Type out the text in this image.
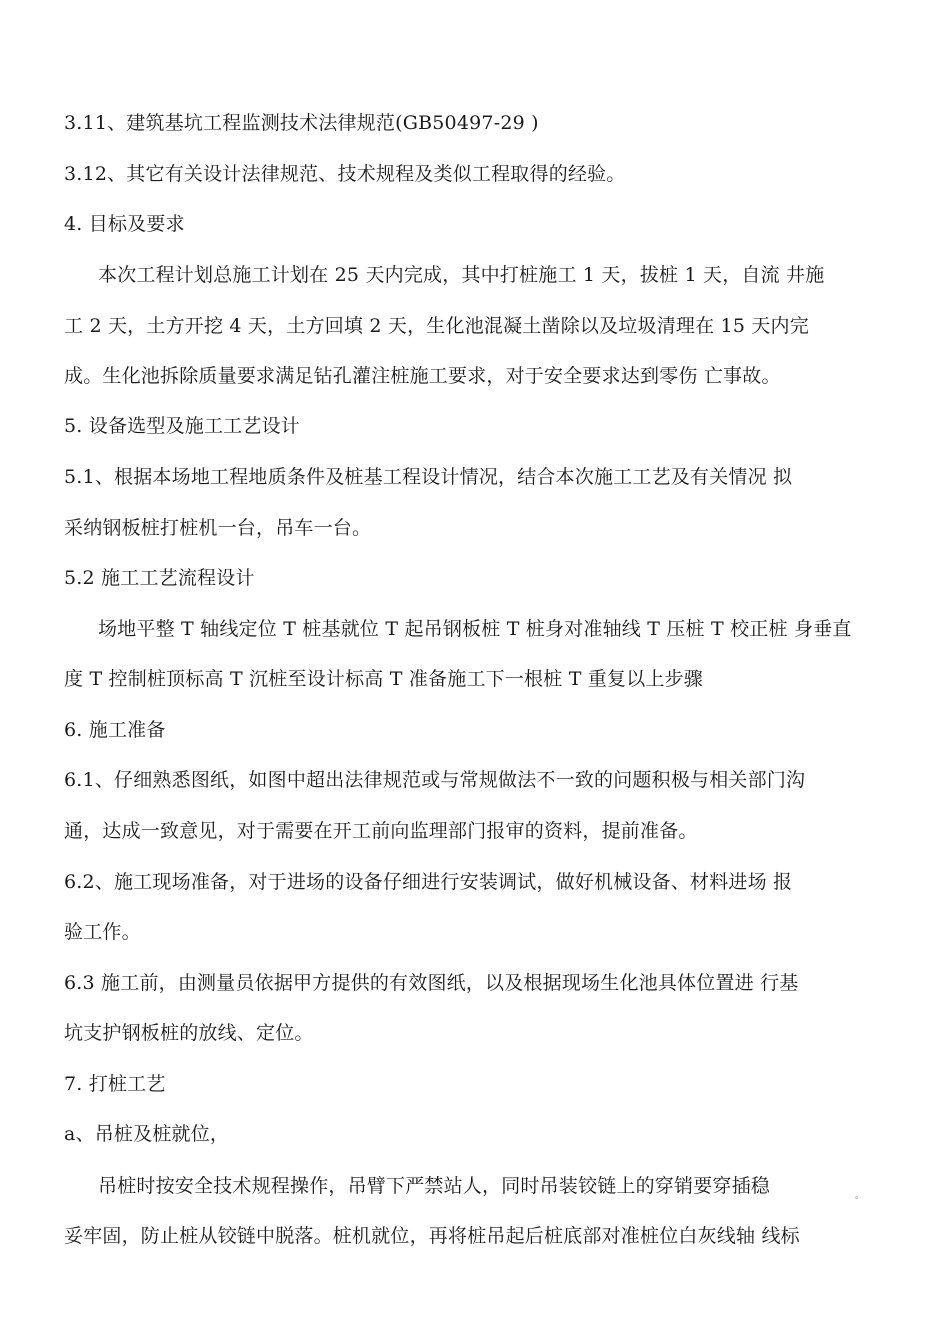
3.11、建筑基坑工程监测技术法律规范(GB50497-29 )
3.12、其它有关设计法律规范、技术规程及类似工程取得的经验。
4. 目标及要求
本次工程计划总施工计划在 25 天内完成，其中打桩施工 1 天，拔桩 1 天，自流 井施
工 2 天，土方开挖 4 天，土方回填 2 天，生化池混凝土凿除以及垃圾清理在 15 天内完
成。生化池拆除质量要求满足钻孔灌注桩施工要求，对于安全要求达到零伤 亡事故。
5. 设备选型及施工工艺设计
5.1、根据本场地工程地质条件及桩基工程设计情况，结合本次施工工艺及有关情况 拟
采纳钢板桩打桩机一台，吊车一台。
5.2 施工工艺流程设计
场地平整 T 轴线定位 T 桩基就位 T 起吊钢板桩 T 桩身对准轴线 T 压桩 T 校正桩 身垂直
度 T 控制桩顶标高 T 沉桩至设计标高 T 准备施工下一根桩 T 重复以上步骤
6. 施工准备
6.1、仔细熟悉图纸，如图中超出法律规范或与常规做法不一致的问题积极与相关部门沟
通，达成一致意见，对于需要在开工前向监理部门报审的资料，提前准备。
6.2、施工现场准备，对于进场的设备仔细进行安装调试，做好机械设备、材料进场 报
验工作。
6.3 施工前，由测量员依据甲方提供的有效图纸，以及根据现场生化池具体位置进 行基
坑支护钢板桩的放线、定位。
7. 打桩工艺
a、吊桩及桩就位，
吊桩时按安全技术规程操作，吊臂下严禁站人，同时吊装铰链上的穿销要穿插稳	。
妥牢固，防止桩从铰链中脱落。桩机就位，再将桩吊起后桩底部对准桩位白灰线轴 线标
